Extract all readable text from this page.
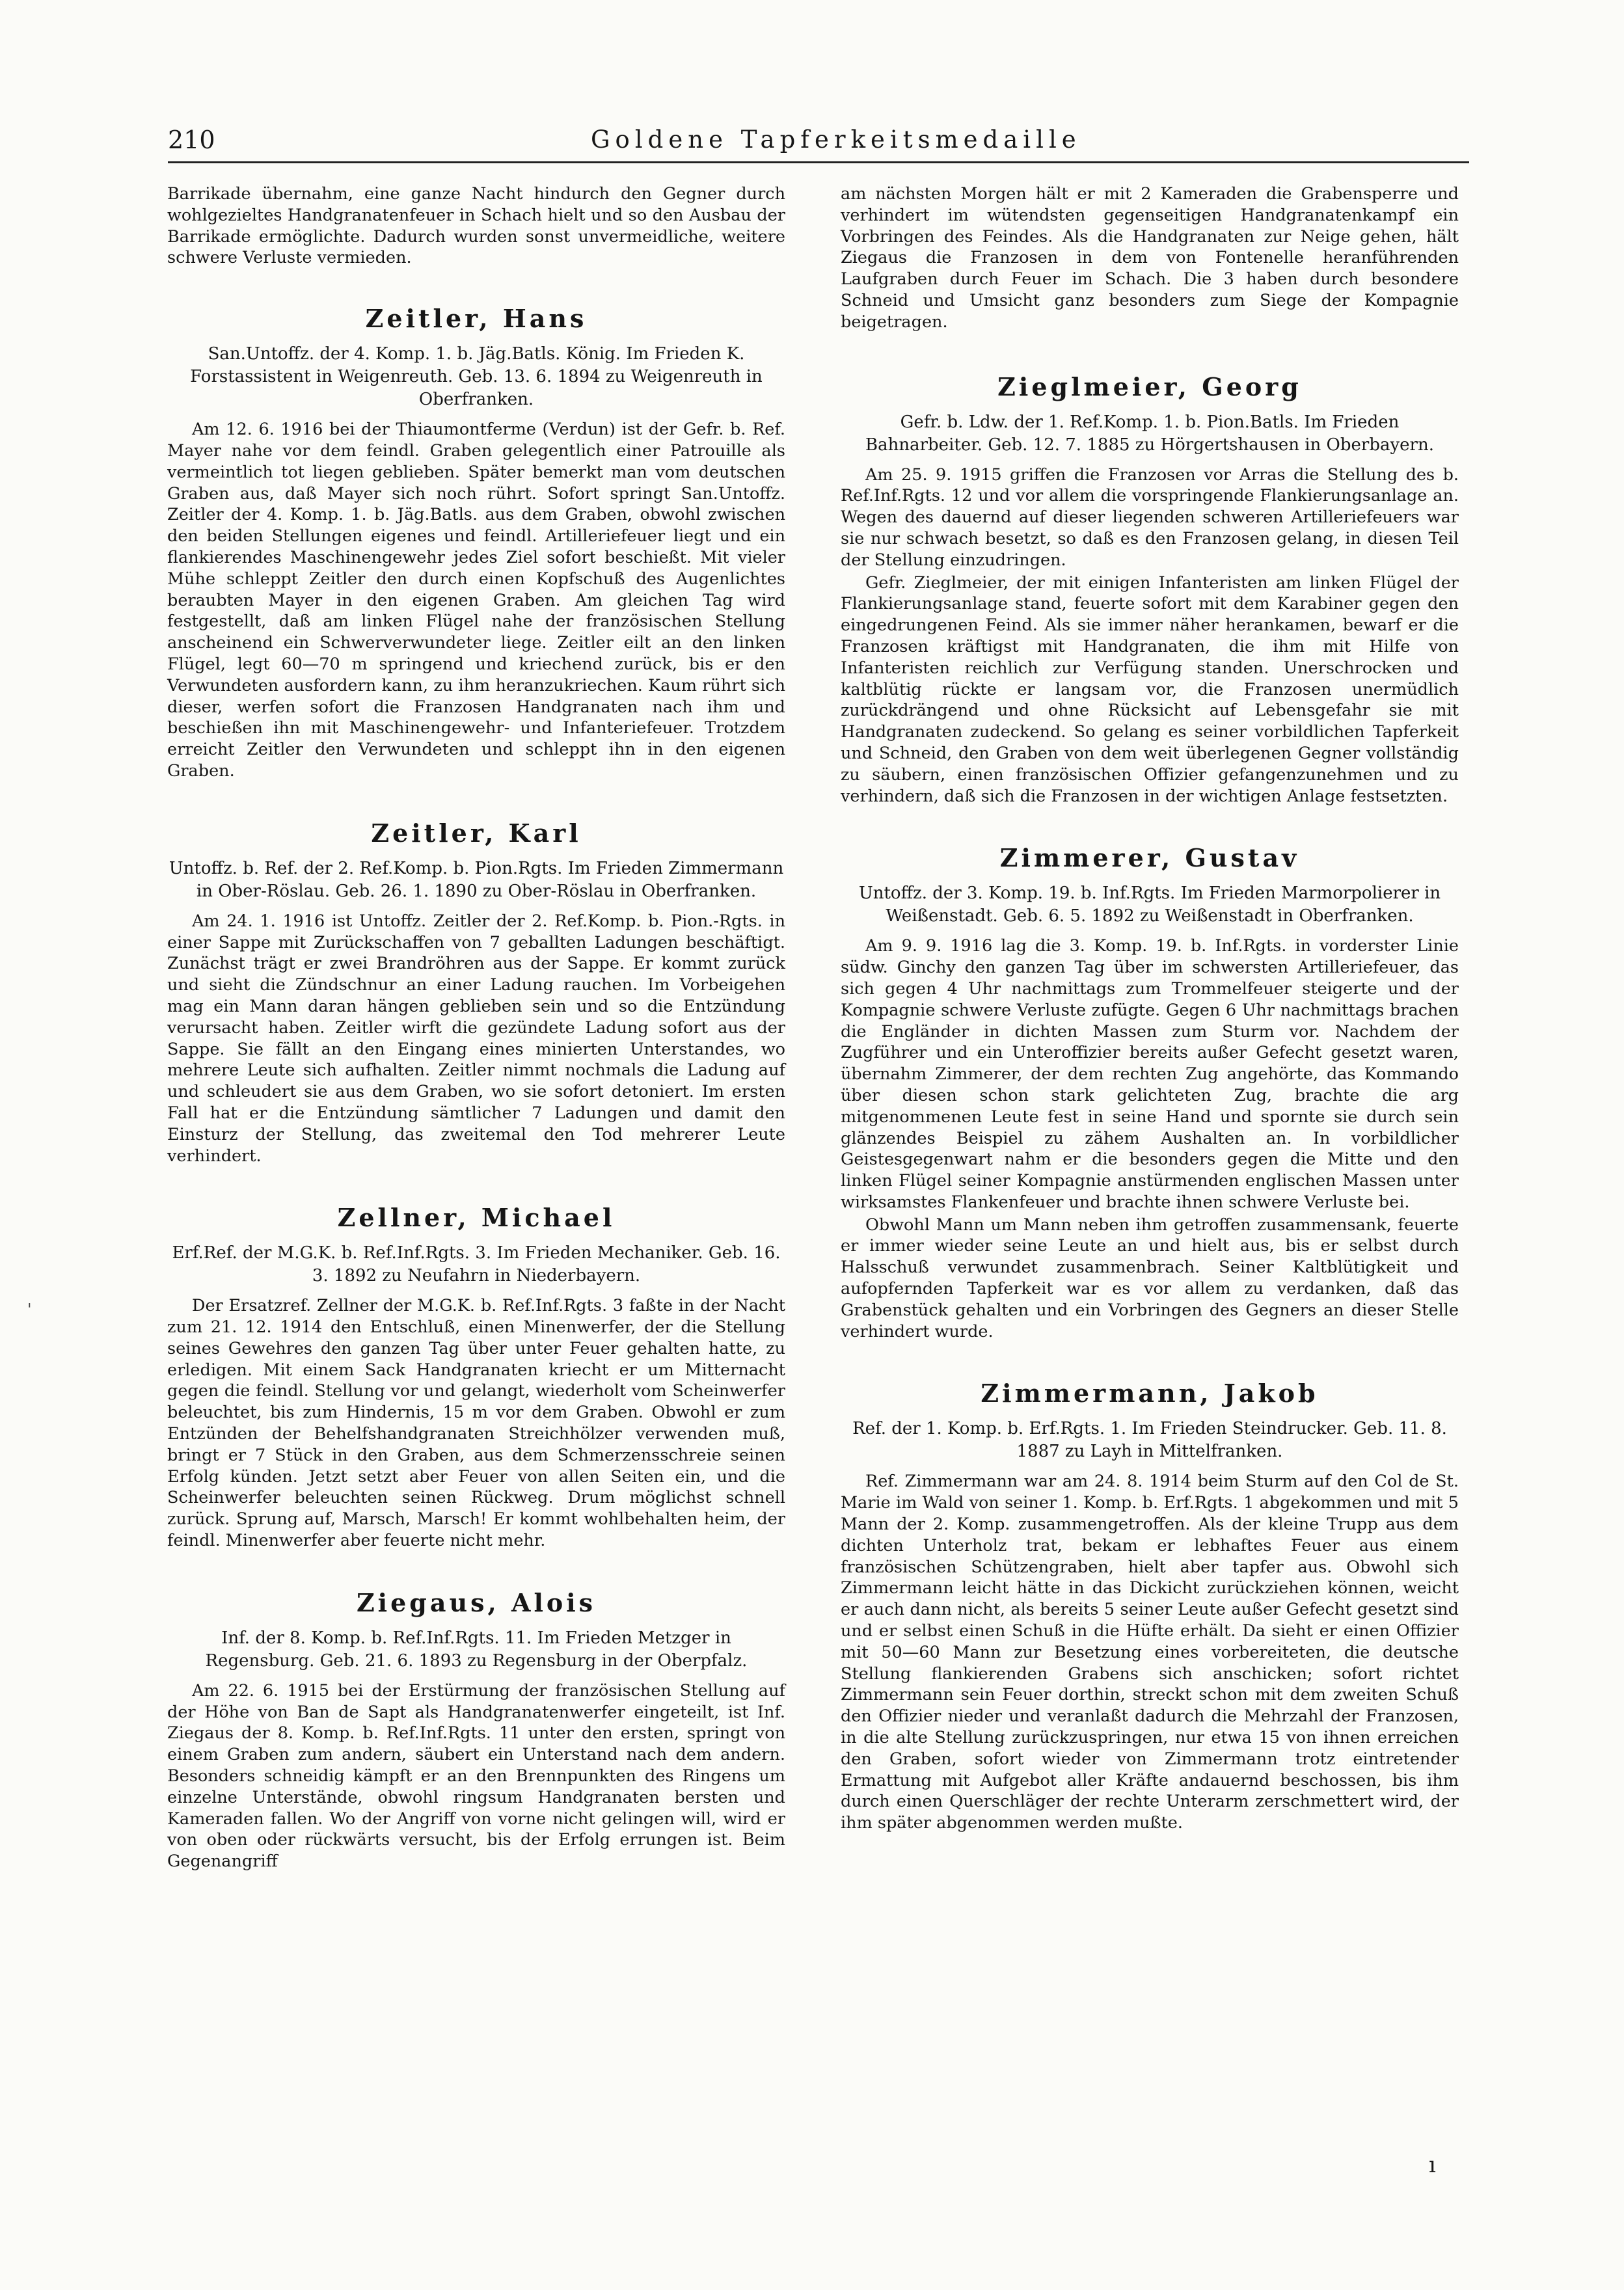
210	Goldene Tapferkeitsmedaille
'

Barrikade übernahm, eine ganze Nacht hindurch den Gegner durch wohlgezieltes Handgranatenfeuer in Schach hielt und so den Ausbau der Barrikade ermöglichte. Dadurch wurden sonst unvermeidliche, weitere schwere Verluste vermieden.

Zeitler, Hans

San.Untoffz. der 4. Komp. 1. b. Jäg.Batls. König. Im Frieden K. Forstassistent in Weigenreuth. Geb. 13. 6. 1894 zu Weigenreuth in Oberfranken.

Am 12. 6. 1916 bei der Thiaumontferme (Verdun) ist der Gefr. b. Ref. Mayer nahe vor dem feindl. Graben gelegentlich einer Patrouille als vermeintlich tot liegen geblieben. Später bemerkt man vom deutschen Graben aus, daß Mayer sich noch rührt. Sofort springt San.Untoffz. Zeitler der 4. Komp. 1. b. Jäg.Batls. aus dem Graben, obwohl zwischen den beiden Stellungen eigenes und feindl. Artilleriefeuer liegt und ein flankierendes Maschinengewehr jedes Ziel sofort beschießt. Mit vieler Mühe schleppt Zeitler den durch einen Kopfschuß des Augenlichtes beraubten Mayer in den eigenen Graben. Am gleichen Tag wird festgestellt, daß am linken Flügel nahe der französischen Stellung anscheinend ein Schwerverwundeter liege. Zeitler eilt an den linken Flügel, legt 60—70 m springend und kriechend zurück, bis er den Verwundeten ausfordern kann, zu ihm heranzukriechen. Kaum rührt sich dieser, werfen sofort die Franzosen Handgranaten nach ihm und beschießen ihn mit Maschinengewehr- und Infanteriefeuer. Trotzdem erreicht Zeitler den Verwundeten und schleppt ihn in den eigenen Graben.

Zeitler, Karl

Untoffz. b. Ref. der 2. Ref.Komp. b. Pion.Rgts. Im Frieden Zimmermann in Ober-Röslau. Geb. 26. 1. 1890 zu Ober-Röslau in Oberfranken.

Am 24. 1. 1916 ist Untoffz. Zeitler der 2. Ref.Komp. b. Pion.-Rgts. in einer Sappe mit Zurückschaffen von 7 geballten Ladungen beschäftigt. Zunächst trägt er zwei Brandröhren aus der Sappe. Er kommt zurück und sieht die Zündschnur an einer Ladung rauchen. Im Vorbeigehen mag ein Mann daran hängen geblieben sein und so die Entzündung verursacht haben. Zeitler wirft die gezündete Ladung sofort aus der Sappe. Sie fällt an den Eingang eines minierten Unterstandes, wo mehrere Leute sich aufhalten. Zeitler nimmt nochmals die Ladung auf und schleudert sie aus dem Graben, wo sie sofort detoniert. Im ersten Fall hat er die Entzündung sämtlicher 7 Ladungen und damit den Einsturz der Stellung, das zweitemal den Tod mehrerer Leute verhindert.

Zellner, Michael

Erf.Ref. der M.G.K. b. Ref.Inf.Rgts. 3. Im Frieden Mechaniker. Geb. 16. 3. 1892 zu Neufahrn in Niederbayern.

Der Ersatzref. Zellner der M.G.K. b. Ref.Inf.Rgts. 3 faßte in der Nacht zum 21. 12. 1914 den Entschluß, einen Minenwerfer, der die Stellung seines Gewehres den ganzen Tag über unter Feuer gehalten hatte, zu erledigen. Mit einem Sack Handgranaten kriecht er um Mitternacht gegen die feindl. Stellung vor und gelangt, wiederholt vom Scheinwerfer beleuchtet, bis zum Hindernis, 15 m vor dem Graben. Obwohl er zum Entzünden der Behelfshandgranaten Streichhölzer verwenden muß, bringt er 7 Stück in den Graben, aus dem Schmerzensschreie seinen Erfolg künden. Jetzt setzt aber Feuer von allen Seiten ein, und die Scheinwerfer beleuchten seinen Rückweg. Drum möglichst schnell zurück. Sprung auf, Marsch, Marsch! Er kommt wohlbehalten heim, der feindl. Minenwerfer aber feuerte nicht mehr.

Ziegaus, Alois

Inf. der 8. Komp. b. Ref.Inf.Rgts. 11. Im Frieden Metzger in Regensburg. Geb. 21. 6. 1893 zu Regensburg in der Oberpfalz.

Am 22. 6. 1915 bei der Erstürmung der französischen Stellung auf der Höhe von Ban de Sapt als Handgranatenwerfer eingeteilt, ist Inf. Ziegaus der 8. Komp. b. Ref.Inf.Rgts. 11 unter den ersten, springt von einem Graben zum andern, säubert ein Unterstand nach dem andern. Besonders schneidig kämpft er an den Brennpunkten des Ringens um einzelne Unterstände, obwohl ringsum Handgranaten bersten und Kameraden fallen. Wo der Angriff von vorne nicht gelingen will, wird er von oben oder rückwärts versucht, bis der Erfolg errungen ist. Beim Gegenangriff

am nächsten Morgen hält er mit 2 Kameraden die Grabensperre und verhindert im wütendsten gegenseitigen Handgranatenkampf ein Vorbringen des Feindes. Als die Handgranaten zur Neige gehen, hält Ziegaus die Franzosen in dem von Fontenelle heranführenden Laufgraben durch Feuer im Schach. Die 3 haben durch besondere Schneid und Umsicht ganz besonders zum Siege der Kompagnie beigetragen.

Zieglmeier, Georg

Gefr. b. Ldw. der 1. Ref.Komp. 1. b. Pion.Batls. Im Frieden Bahnarbeiter. Geb. 12. 7. 1885 zu Hörgertshausen in Oberbayern.

Am 25. 9. 1915 griffen die Franzosen vor Arras die Stellung des b. Ref.Inf.Rgts. 12 und vor allem die vorspringende Flankierungsanlage an. Wegen des dauernd auf dieser liegenden schweren Artilleriefeuers war sie nur schwach besetzt, so daß es den Franzosen gelang, in diesen Teil der Stellung einzudringen.

Gefr. Zieglmeier, der mit einigen Infanteristen am linken Flügel der Flankierungsanlage stand, feuerte sofort mit dem Karabiner gegen den eingedrungenen Feind. Als sie immer näher herankamen, bewarf er die Franzosen kräftigst mit Handgranaten, die ihm mit Hilfe von Infanteristen reichlich zur Verfügung standen. Unerschrocken und kaltblütig rückte er langsam vor, die Franzosen unermüdlich zurückdrängend und ohne Rücksicht auf Lebensgefahr sie mit Handgranaten zudeckend. So gelang es seiner vorbildlichen Tapferkeit und Schneid, den Graben von dem weit überlegenen Gegner vollständig zu säubern, einen französischen Offizier gefangenzunehmen und zu verhindern, daß sich die Franzosen in der wichtigen Anlage festsetzten.

Zimmerer, Gustav

Untoffz. der 3. Komp. 19. b. Inf.Rgts. Im Frieden Marmorpolierer in Weißenstadt. Geb. 6. 5. 1892 zu Weißenstadt in Oberfranken.

Am 9. 9. 1916 lag die 3. Komp. 19. b. Inf.Rgts. in vorderster Linie südw. Ginchy den ganzen Tag über im schwersten Artilleriefeuer, das sich gegen 4 Uhr nachmittags zum Trommelfeuer steigerte und der Kompagnie schwere Verluste zufügte. Gegen 6 Uhr nachmittags brachen die Engländer in dichten Massen zum Sturm vor. Nachdem der Zugführer und ein Unteroffizier bereits außer Gefecht gesetzt waren, übernahm Zimmerer, der dem rechten Zug angehörte, das Kommando über diesen schon stark gelichteten Zug, brachte die arg mitgenommenen Leute fest in seine Hand und spornte sie durch sein glänzendes Beispiel zu zähem Aushalten an. In vorbildlicher Geistesgegenwart nahm er die besonders gegen die Mitte und den linken Flügel seiner Kompagnie anstürmenden englischen Massen unter wirksamstes Flankenfeuer und brachte ihnen schwere Verluste bei.

Obwohl Mann um Mann neben ihm getroffen zusammensank, feuerte er immer wieder seine Leute an und hielt aus, bis er selbst durch Halsschuß verwundet zusammenbrach. Seiner Kaltblütigkeit und aufopfernden Tapferkeit war es vor allem zu verdanken, daß das Grabenstück gehalten und ein Vorbringen des Gegners an dieser Stelle verhindert wurde.

Zimmermann, Jakob

Ref. der 1. Komp. b. Erf.Rgts. 1. Im Frieden Steindrucker. Geb. 11. 8. 1887 zu Layh in Mittelfranken.

Ref. Zimmermann war am 24. 8. 1914 beim Sturm auf den Col de St. Marie im Wald von seiner 1. Komp. b. Erf.Rgts. 1 abgekommen und mit 5 Mann der 2. Komp. zusammengetroffen. Als der kleine Trupp aus dem dichten Unterholz trat, bekam er lebhaftes Feuer aus einem französischen Schützengraben, hielt aber tapfer aus. Obwohl sich Zimmermann leicht hätte in das Dickicht zurückziehen können, weicht er auch dann nicht, als bereits 5 seiner Leute außer Gefecht gesetzt sind und er selbst einen Schuß in die Hüfte erhält. Da sieht er einen Offizier mit 50—60 Mann zur Besetzung eines vorbereiteten, die deutsche Stellung flankierenden Grabens sich anschicken; sofort richtet Zimmermann sein Feuer dorthin, streckt schon mit dem zweiten Schuß den Offizier nieder und veranlaßt dadurch die Mehrzahl der Franzosen, in die alte Stellung zurückzuspringen, nur etwa 15 von ihnen erreichen den Graben, sofort wieder von Zimmermann trotz eintretender Ermattung mit Aufgebot aller Kräfte andauernd beschossen, bis ihm durch einen Querschläger der rechte Unterarm zerschmettert wird, der ihm später abgenommen werden mußte.

ı
